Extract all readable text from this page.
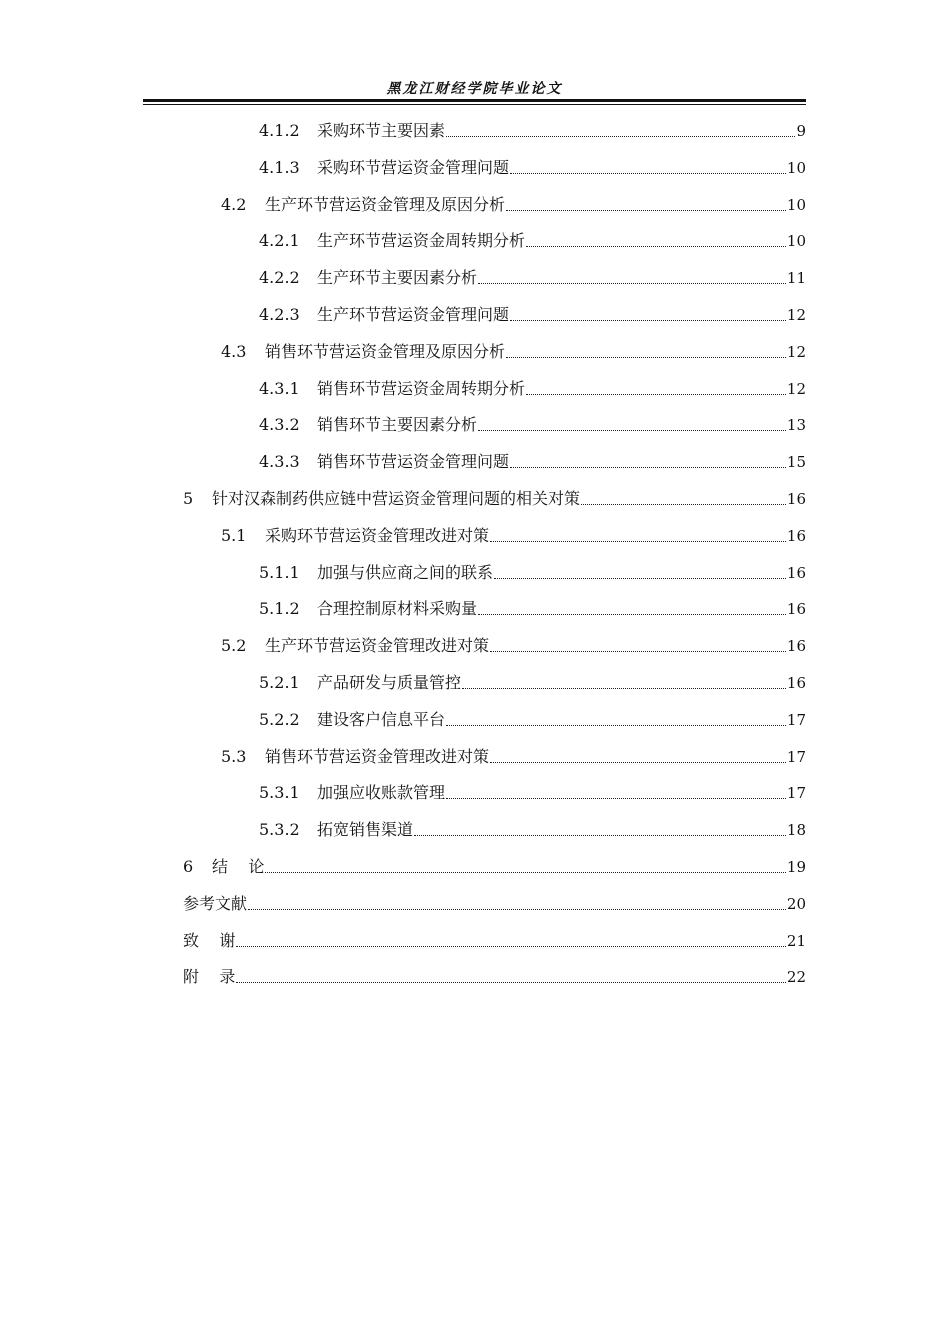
黑龙江财经学院毕业论文
4.1.2	采购环节主要因素	9
4.1.3	采购环节营运资金管理问题	10
4.2	生产环节营运资金管理及原因分析	10
4.2.1	生产环节营运资金周转期分析	10
4.2.2	生产环节主要因素分析	11
4.2.3	生产环节营运资金管理问题	12
4.3	销售环节营运资金管理及原因分析	12
4.3.1	销售环节营运资金周转期分析	12
4.3.2	销售环节主要因素分析	13
4.3.3	销售环节营运资金管理问题	15
5	针对汉森制药供应链中营运资金管理问题的相关对策	16
5.1	采购环节营运资金管理改进对策	16
5.1.1	加强与供应商之间的联系	16
5.1.2	合理控制原材料采购量	16
5.2	生产环节营运资金管理改进对策	16
5.2.1	产品研发与质量管控	16
5.2.2	建设客户信息平台	17
5.3	销售环节营运资金管理改进对策	17
5.3.1	加强应收账款管理	17
5.3.2	拓宽销售渠道	18
6	结    论	19
参考文献	20
致    谢	21
附    录	22
